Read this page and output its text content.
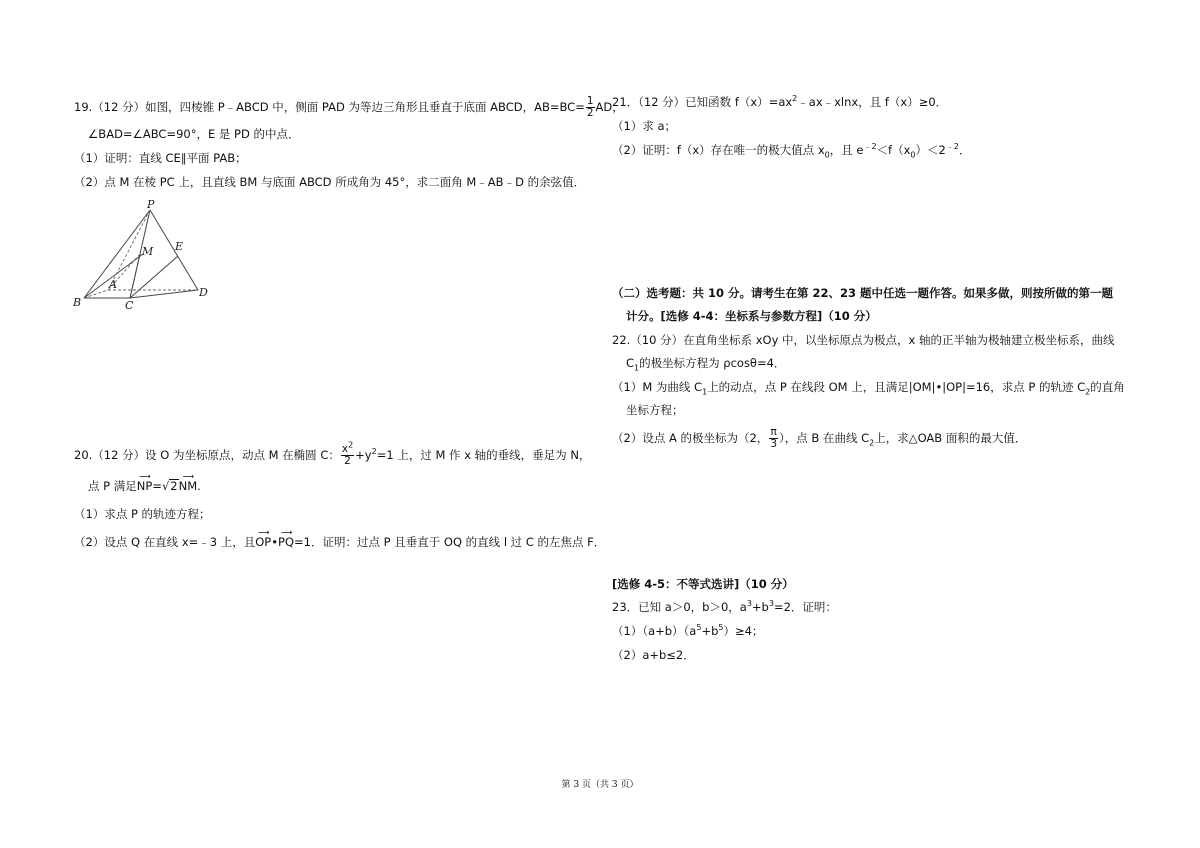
19.（12 分）如图，四棱锥 P﹣ABCD 中，侧面 PAD 为等边三角形且垂直于底面 ABCD，$AB=BC= \frac{1}{2}$ AD，
∠BAD=∠ABC=90°，E 是 PD 的中点．
（1）证明：直线 CE∥平面 PAB；
（2）点 M 在棱 PC 上，且直线 BM 与底面 ABCD 所成角为 45°，求二面角 M﹣AB﹣D 的余弦值．
P
M E
A
B	C
D
20.（12 分）设 O 为坐标原点，动点 M 在椭圆 C： $\frac{x^2}{2} +y^2=1$ 上，过 M 作 x 轴的垂线，垂足为 N，
点 P 满足
⟶
NP=√2
⟶
NM.
（1）求点 P 的轨迹方程；
（2）设点 Q 在直线 x=﹣3 上，且
⟶
OP•
⟶
PQ=1．证明：过点 P 且垂直于 OQ 的直线 l 过 C 的左焦点 F．
21．（12 分）已知函数 $f(x)=ax^2﹣ax﹣xlnx$，且 f（x）≥0．
（1）求 a；
（2）证明：f（x）存在唯一的极大值点 $x_0$，且 $e^{﹣2}<f(x_0)<2^{﹣2}$．
（二）选考题：共 10 分。请考生在第 22、23 题中任选一题作答。如果多做，则按所做的第一题
计分。[选修 4-4：坐标系与参数方程]（10 分）
22.（10 分）在直角坐标系 xOy 中，以坐标原点为极点，x 轴的正半轴为极轴建立极坐标系，曲线
$C_1$的极坐标方程为 ρcosθ=4．
（1）M 为曲线 $C_1$上的动点，点 P 在线段 OM 上，且满足|OM|•|OP|=16，求点 P 的轨迹 $C_2$的直角
坐标方程；
（2）设点 A 的极坐标为（2， $\frac{\pi}{3}$ ），点 B 在曲线 $C_2$上，求△OAB 面积的最大值．
[选修 4-5：不等式选讲]（10 分）
23．已知 a＞0，b＞0，$a^3+b^3=2$．证明：
$(1)(a+b)(a^5+b^5)\ge 4$；
（2）a+b≤2．
第 3 页（共 3 页）
